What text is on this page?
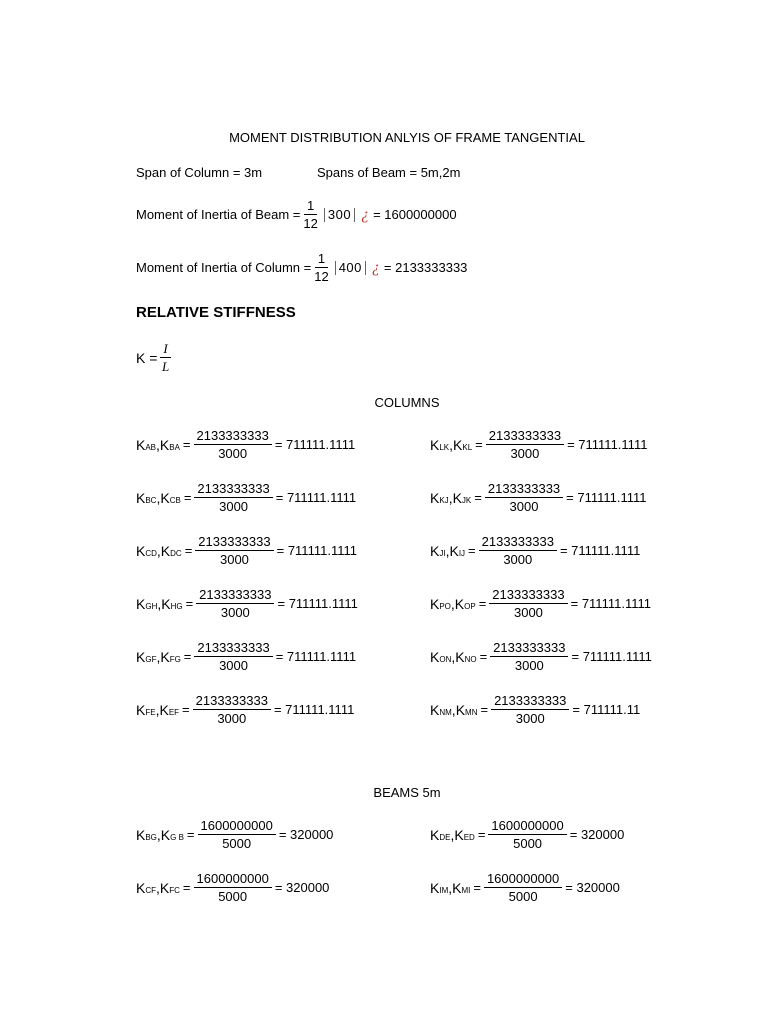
MOMENT DISTRIBUTION ANLYIS OF FRAME TANGENTIAL
Span of Column = 3m	Spans of Beam = 5m,2m
Moment of Inertia of Beam = $\frac{1}{12} 300$ ¿ = 1600000000
Moment of Inertia of Column = $\frac{1}{12} 400$ ¿ = 2133333333
RELATIVE STIFFNESS
$K = \frac{I}{L}$
COLUMNS
K AB , K BA = $\frac{2133333333}{3000} = 711111.1111$
K BC , K CB = $\frac{2133333333}{3000} = 711111.1111$
K CD , K DC = $\frac{2133333333}{3000} = 711111.1111$
K GH , K HG = $\frac{2133333333}{3000} = 711111.1111$
K GF , K FG = $\frac{2133333333}{3000} = 711111.1111$
K FE , K EF = $\frac{2133333333}{3000} = 711111.1111$
K LK , K KL = $\frac{2133333333}{3000} = 711111.1111$
K KJ , K JK = $\frac{2133333333}{3000} = 711111.1111$
K JI , K IJ = $\frac{2133333333}{3000} = 711111.1111$
K PO , K OP = $\frac{2133333333}{3000} = 711111.1111$
K ON , K NO = $\frac{2133333333}{3000} = 711111.1111$
K NM , K MN = $\frac{2133333333}{3000} = 711111.11$
BEAMS 5m
K BG , K G $B = \frac{1600000000}{5000} = 320000$
K CF , K FC = $\frac{1600000000}{5000} = 320000$
K DE , K ED = $\frac{1600000000}{5000} = 320000$
K IM , K MI = $\frac{1600000000}{5000} = 320000$
